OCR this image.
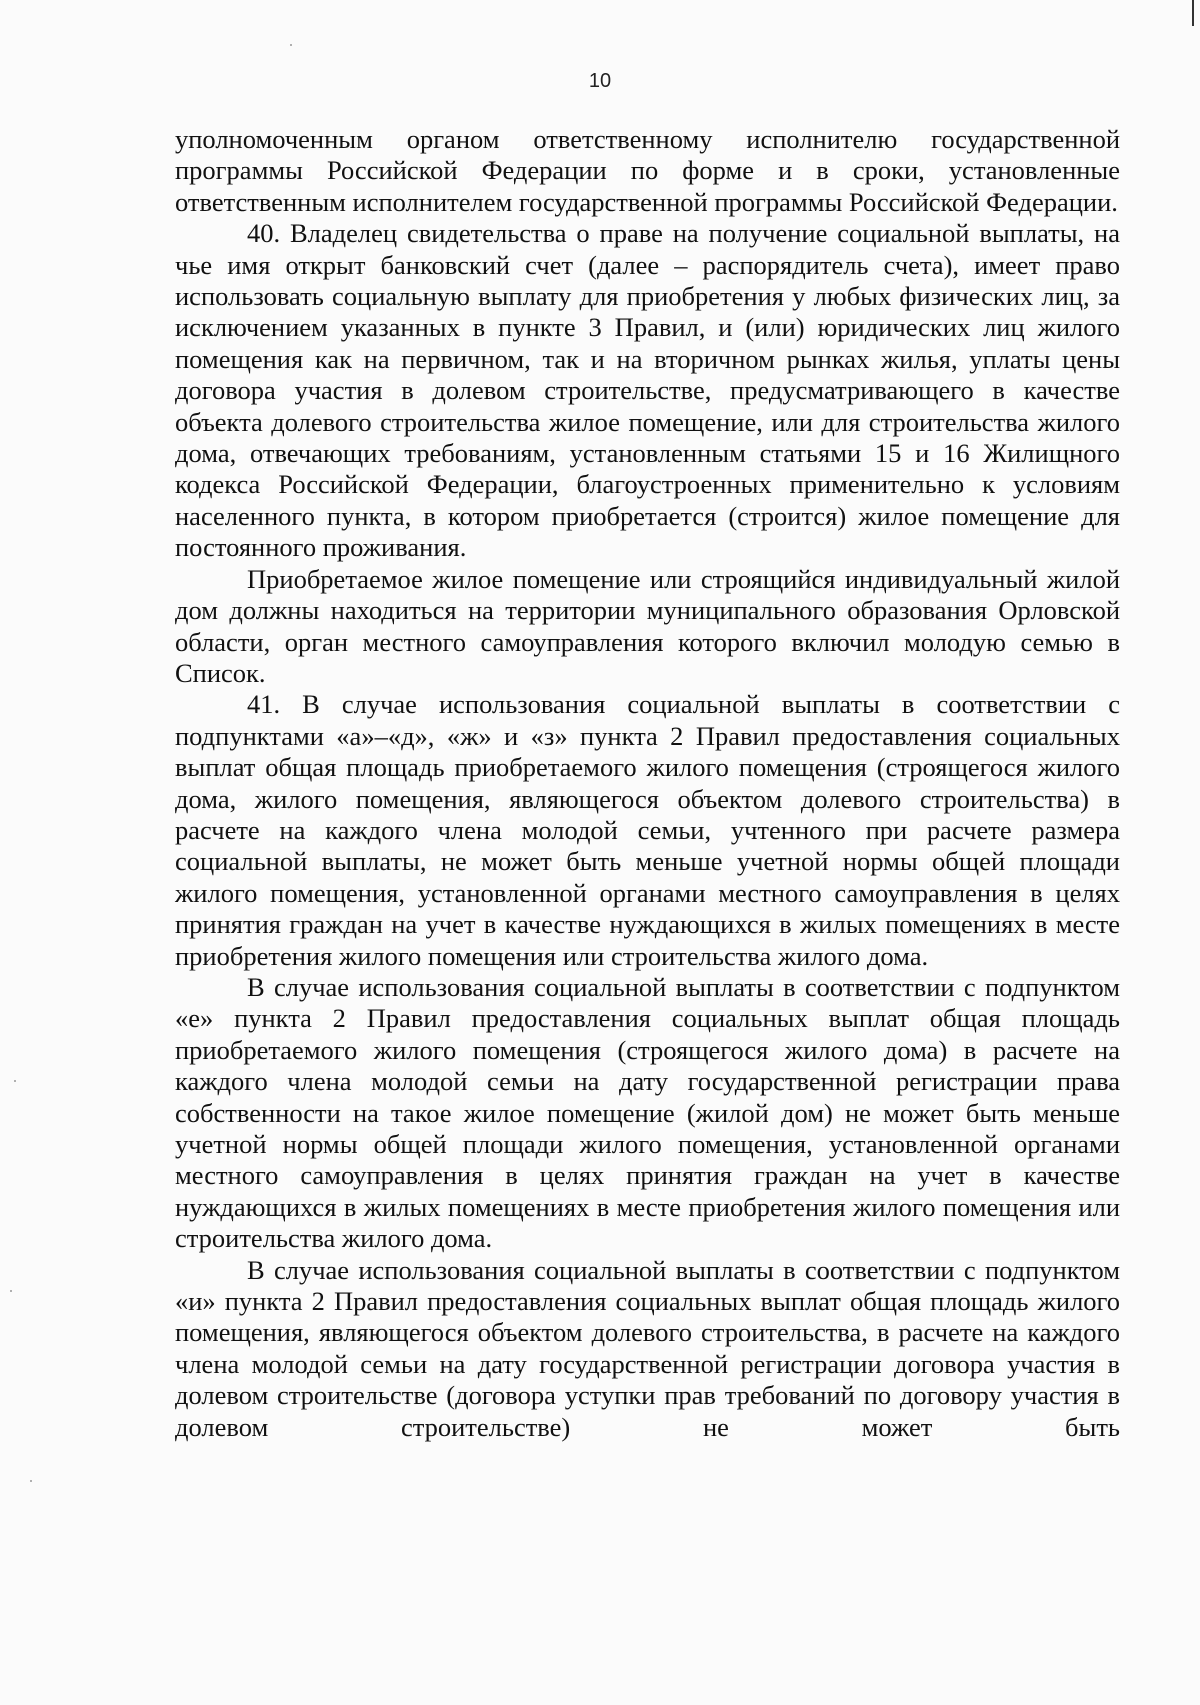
10

уполномоченным органом ответственному исполнителю государственной программы Российской Федерации по форме и в сроки, установленные ответственным исполнителем государственной программы Российской Федерации.

40. Владелец свидетельства о праве на получение социальной выплаты, на чье имя открыт банковский счет (далее – распорядитель счета), имеет право использовать социальную выплату для приобретения у любых физических лиц, за исключением указанных в пункте 3 Правил, и (или) юридических лиц жилого помещения как на первичном, так и на вторичном рынках жилья, уплаты цены договора участия в долевом строительстве, предусматривающего в качестве объекта долевого строительства жилое помещение, или для строительства жилого дома, отвечающих требованиям, установленным статьями 15 и 16 Жилищного кодекса Российской Федерации, благоустроенных применительно к условиям населенного пункта, в котором приобретается (строится) жилое помещение для постоянного проживания.

Приобретаемое жилое помещение или строящийся индивидуальный жилой дом должны находиться на территории муниципального образования Орловской области, орган местного самоуправления которого включил молодую семью в Список.

41. В случае использования социальной выплаты в соответствии с подпунктами «а»–«д», «ж» и «з» пункта 2 Правил предоставления социальных выплат общая площадь приобретаемого жилого помещения (строящегося жилого дома, жилого помещения, являющегося объектом долевого строительства) в расчете на каждого члена молодой семьи, учтенного при расчете размера социальной выплаты, не может быть меньше учетной нормы общей площади жилого помещения, установленной органами местного самоуправления в целях принятия граждан на учет в качестве нуждающихся в жилых помещениях в месте приобретения жилого помещения или строительства жилого дома.

В случае использования социальной выплаты в соответствии с подпунктом «е» пункта 2 Правил предоставления социальных выплат общая площадь приобретаемого жилого помещения (строящегося жилого дома) в расчете на каждого члена молодой семьи на дату государственной регистрации права собственности на такое жилое помещение (жилой дом) не может быть меньше учетной нормы общей площади жилого помещения, установленной органами местного самоуправления в целях принятия граждан на учет в качестве нуждающихся в жилых помещениях в месте приобретения жилого помещения или строительства жилого дома.

В случае использования социальной выплаты в соответствии с подпунктом «и» пункта 2 Правил предоставления социальных выплат общая площадь жилого помещения, являющегося объектом долевого строительства, в расчете на каждого члена молодой семьи на дату государственной регистрации договора участия в долевом строительстве (договора уступки прав требований по договору участия в долевом строительстве) не может быть
